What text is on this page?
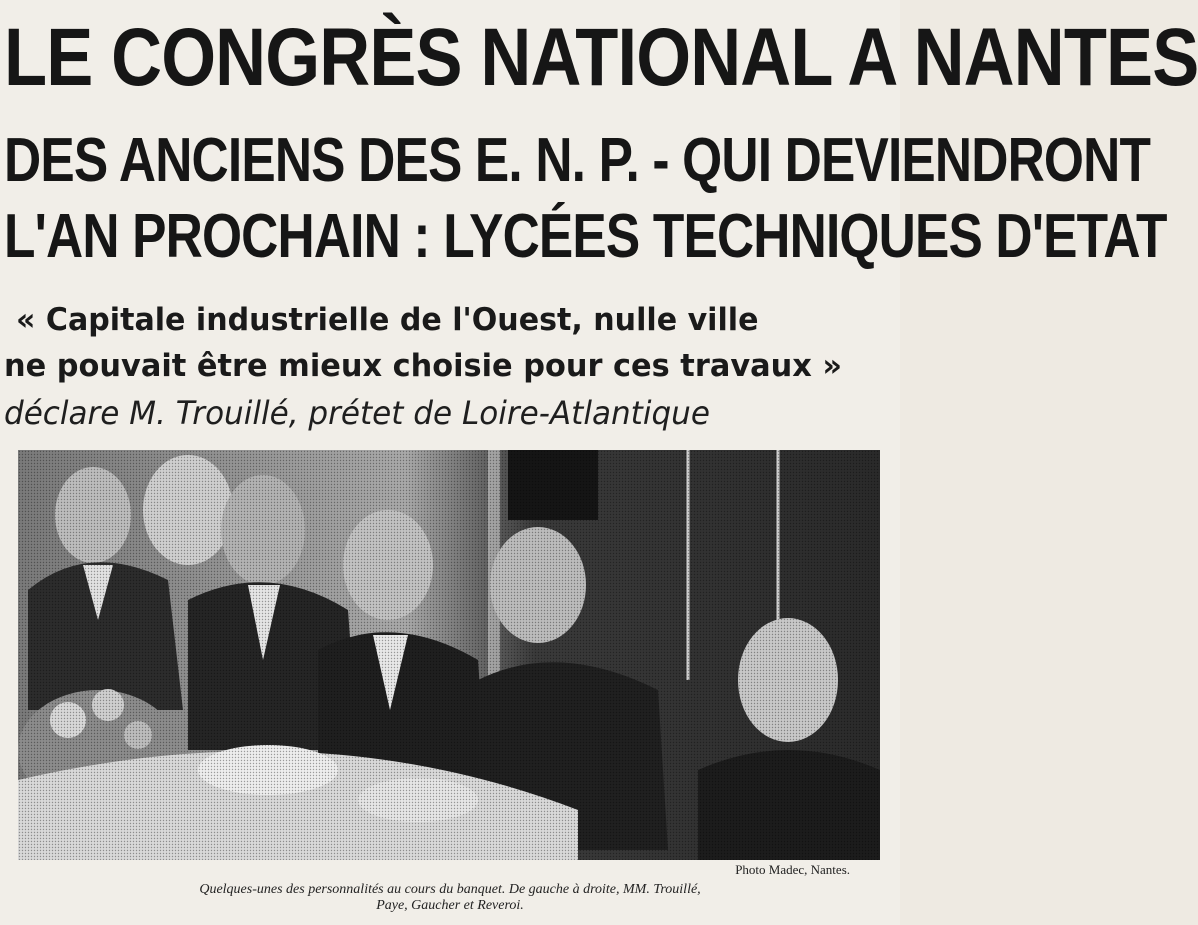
LE CONGRÈS NATIONAL A NANTES
DES ANCIENS DES E. N. P. - QUI DEVIENDRONT
L'AN PROCHAIN : LYCÉES TECHNIQUES D'ETAT
« Capitale industrielle de l'Ouest, nulle ville
ne pouvait être mieux choisie pour ces travaux »
déclare M. Trouillé, prétet de Loire-Atlantique
Photo Madec, Nantes.
Quelques-unes des personnalités au cours du banquet. De gauche à droite, MM. Trouillé,
Paye, Gaucher et Reveroi.
